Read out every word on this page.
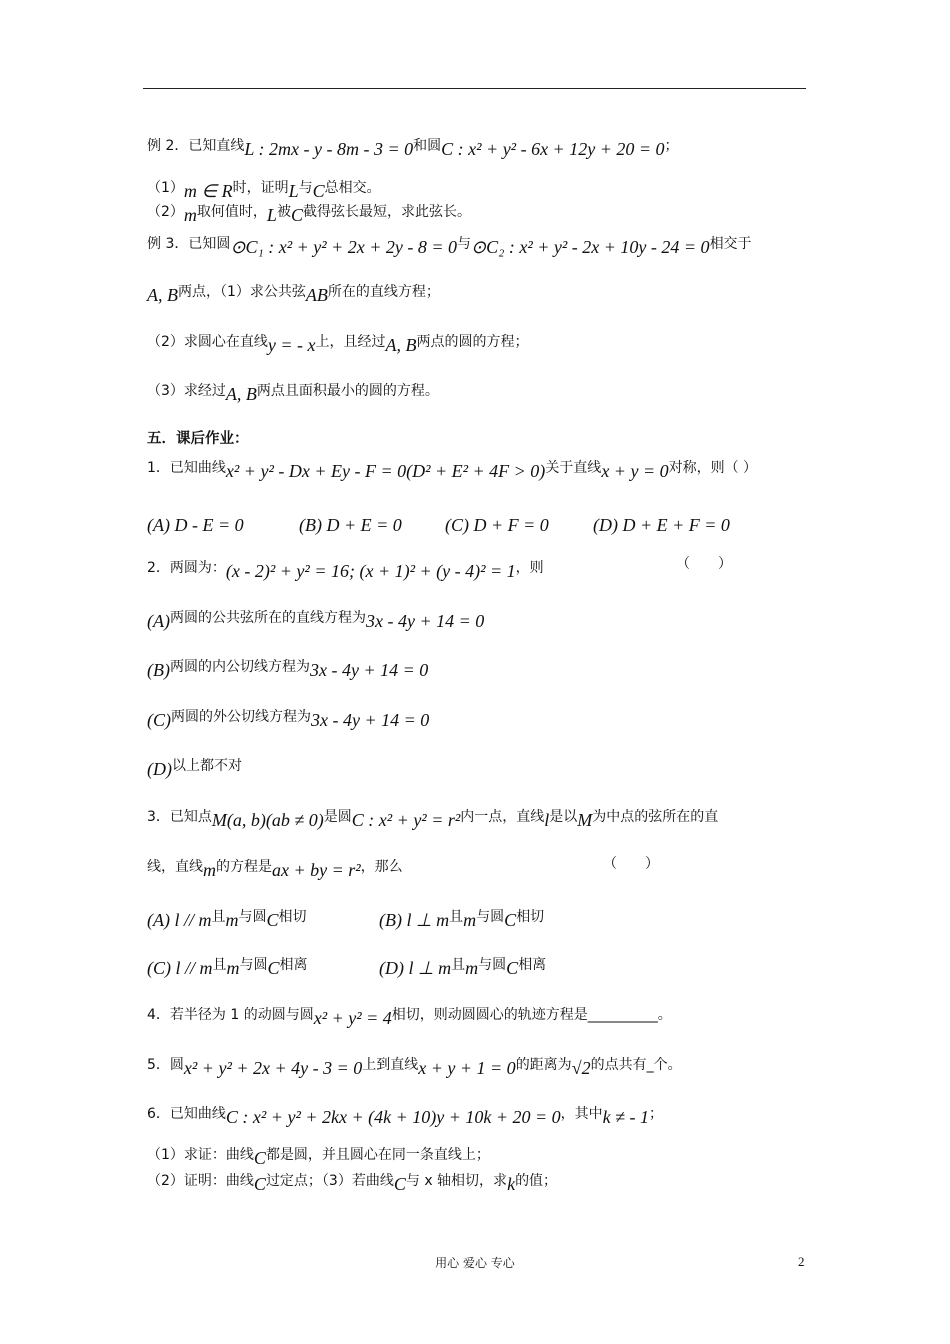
例 2．已知直线L : 2mx - y - 8m - 3 = 0和圆C : x² + y² - 6x + 12y + 20 = 0；
（1）m ∈ R时，证明L与C总相交。
（2）m取何值时，L被C截得弦长最短，求此弦长。
例 3．已知圆⊙C₁ : x² + y² + 2x + 2y - 8 = 0与⊙C₂ : x² + y² - 2x + 10y - 24 = 0相交于
A, B两点，（1）求公共弦AB所在的直线方程；
（2）求圆心在直线y = - x上，且经过A, B两点的圆的方程；
（3）求经过A, B两点且面积最小的圆的方程。
五．课后作业：
1．已知曲线x² + y² - Dx + Ey - F = 0(D² + E² + 4F > 0)关于直线x + y = 0对称，则（ ）
(A) D - E = 0	(B) D + E = 0 (C) D + F = 0 (D) D + E + F = 0
2．两圆为：(x - 2)² + y² = 16; (x + 1)² + (y - 4)² = 1，则	（　　）
(A)两圆的公共弦所在的直线方程为3x - 4y + 14 = 0
(B)两圆的内公切线方程为3x - 4y + 14 = 0
(C)两圆的外公切线方程为3x - 4y + 14 = 0
(D)以上都不对
3．已知点M(a, b)(ab ≠ 0)是圆C : x² + y² = r²内一点，直线l是以M为中点的弦所在的直
线，直线m的方程是ax + by = r²，那么	（　　）
(A) l // m且m与圆C相切	(B) l ⊥ m且m与圆C相切
(C) l // m且m与圆C相离	(D) l ⊥ m且m与圆C相离
4．若半径为 1 的动圆与圆x² + y² = 4相切，则动圆圆心的轨迹方程是__________。
5．圆x² + y² + 2x + 4y - 3 = 0上到直线x + y + 1 = 0的距离为√2的点共有_个。
6．已知曲线C : x² + y² + 2kx + (4k + 10)y + 10k + 20 = 0，其中k ≠ - 1；
（1）求证：曲线C都是圆，并且圆心在同一条直线上；
（2）证明：曲线C过定点；（3）若曲线C与 x 轴相切，求k的值；
用心 爱心 专心	2
